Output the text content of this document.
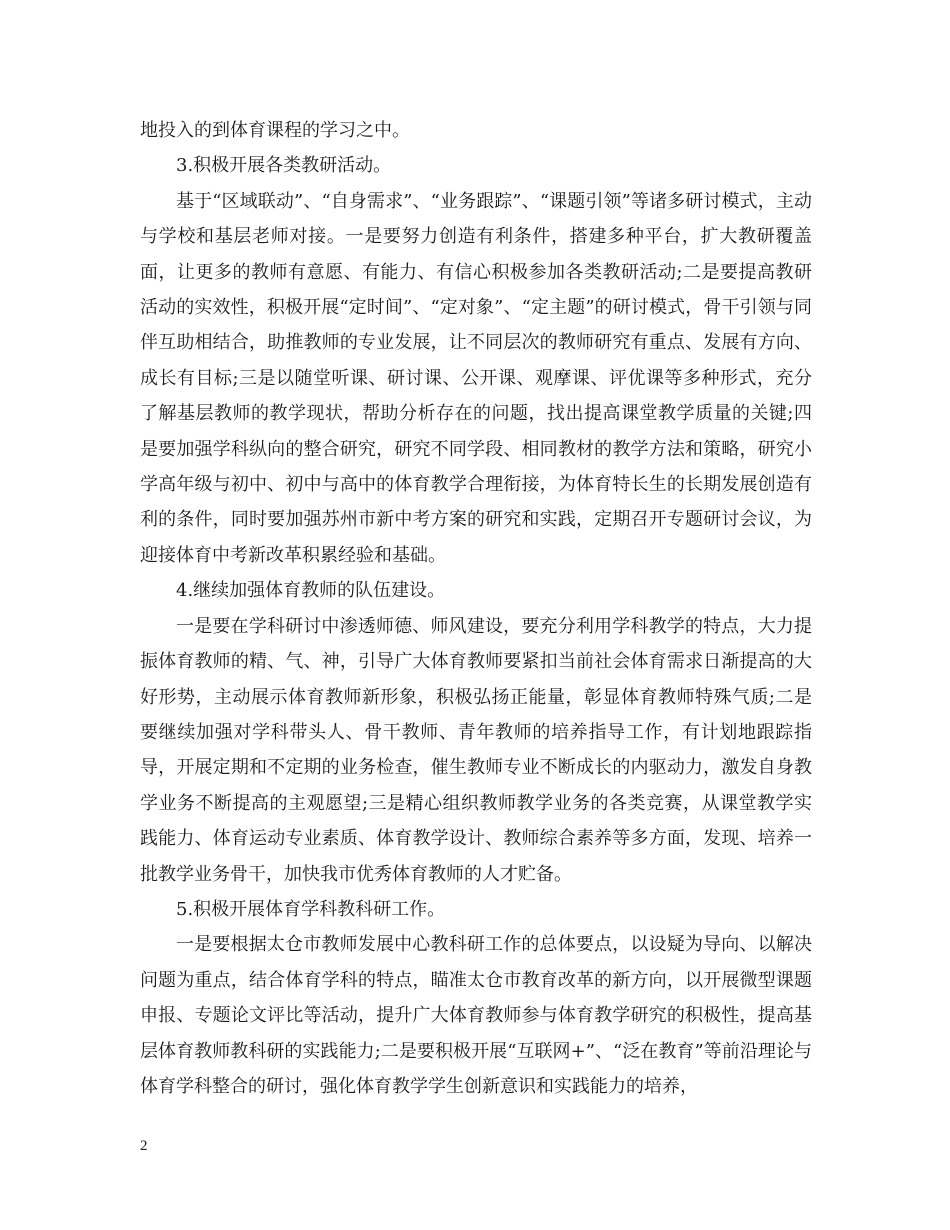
地投入的到体育课程的学习之中。

3.积极开展各类教研活动。

基于“区域联动”、“自身需求”、“业务跟踪”、“课题引领”等诸多研讨模式，主动与学校和基层老师对接。一是要努力创造有利条件，搭建多种平台，扩大教研覆盖面，让更多的教师有意愿、有能力、有信心积极参加各类教研活动;二是要提高教研活动的实效性，积极开展“定时间”、“定对象”、“定主题”的研讨模式，骨干引领与同伴互助相结合，助推教师的专业发展，让不同层次的教师研究有重点、发展有方向、成长有目标;三是以随堂听课、研讨课、公开课、观摩课、评优课等多种形式，充分了解基层教师的教学现状，帮助分析存在的问题，找出提高课堂教学质量的关键;四是要加强学科纵向的整合研究，研究不同学段、相同教材的教学方法和策略，研究小学高年级与初中、初中与高中的体育教学合理衔接，为体育特长生的长期发展创造有利的条件，同时要加强苏州市新中考方案的研究和实践，定期召开专题研讨会议，为迎接体育中考新改革积累经验和基础。

4.继续加强体育教师的队伍建设。

一是要在学科研讨中渗透师德、师风建设，要充分利用学科教学的特点，大力提振体育教师的精、气、神，引导广大体育教师要紧扣当前社会体育需求日渐提高的大好形势，主动展示体育教师新形象，积极弘扬正能量，彰显体育教师特殊气质;二是要继续加强对学科带头人、骨干教师、青年教师的培养指导工作，有计划地跟踪指导，开展定期和不定期的业务检查，催生教师专业不断成长的内驱动力，激发自身教学业务不断提高的主观愿望;三是精心组织教师教学业务的各类竞赛，从课堂教学实践能力、体育运动专业素质、体育教学设计、教师综合素养等多方面，发现、培养一批教学业务骨干，加快我市优秀体育教师的人才贮备。

5.积极开展体育学科教科研工作。

一是要根据太仓市教师发展中心教科研工作的总体要点，以设疑为导向、以解决问题为重点，结合体育学科的特点，瞄准太仓市教育改革的新方向，以开展微型课题申报、专题论文评比等活动，提升广大体育教师参与体育教学研究的积极性，提高基层体育教师教科研的实践能力;二是要积极开展“互联网+”、“泛在教育”等前沿理论与体育学科整合的研讨，强化体育教学学生创新意识和实践能力的培养，

2
